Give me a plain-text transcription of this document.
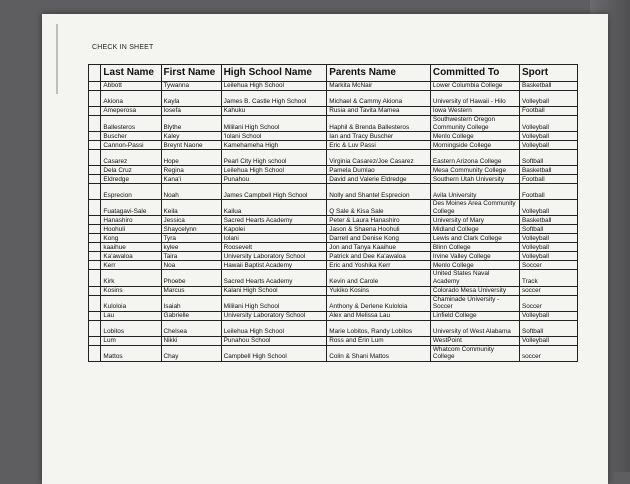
CHECK IN SHEET
	Last Name	First Name	High School Name	Parents Name	Committed To	Sport
	Abbott	Tywanna	Leilehua High School	Markita McNair	Lower Columbia College	Basketball
	Akiona	Kayla	James B. Castle High School	Michael & Cammy Akiona	University of Hawaii - Hilo	Volleyball
	Ameperosa	Iosefa	Kahuku	Rusia and Tavita Mamea	Iowa Western	Football
	Ballesteros	Blythe	Mililani High School	Haphil & Brenda Ballesteros	Southwestern Oregon Community College	Volleyball
	Buscher	Kaley	'Iolani School	Ian and Tracy Buscher	Menlo College	Volleyball
	Cannon-Passi	Breynt Naone	Kamehameha High	Eric & Luv Passi	Morningside College	Volleyball
	Casarez	Hope	Pearl City High school	Virginia Casarez/Joe Casarez	Eastern Arizona College	Softball
	Dela Cruz	Regina	Leilehua High School	Pamela Dumlao	Mesa Community College	Basketball
	Eldredge	Kana'i	Punahou	David and Valerie Eldredge	Southern Utah University	Football
	Esprecion	Noah	James Campbell High School	Nolly and Shantel Esprecion	Avila University	Football
	Fuatagavi-Sale	Keila	Kailua	Q Sale & Kisa Sale	Des Moines Area Community College	Volleyball
	Hanashiro	Jessica	Sacred Hearts Academy	Peter & Laura Hanashiro	University of Mary	Basketball
	Hoohuli	Shaycelynn	Kapolei	Jason & Shaena Hoohuli	Midland College	Softball
	Kong	Tyra	Iolani	Darrell and Denise Kong	Lewis and Clark College	Volleyball
	kaaihue	kylee	Roosevelt	Jon and Tanya Kaaihue	Blinn College	Volleyball
	Ka'awaloa	Taira	University Laboratory School	Patrick and Dee Ka'awaloa	Irvine Valley College	Volleyball
	Kerr	Noa	Hawaii Baptist Academy	Eric and Yoshika Kerr	Menlo College	Soccer
	Kirk	Phoebe	Sacred Hearts Academy	Kevin and Carole	United States Naval Academy	Track
	Kosins	Marcus	Kalani High School	Yukiko Kosins	Colorado Mesa University	soccer
	Kuloloia	Isaiah	Mililani High School	Anthony & Derlene Kuloloia	Chaminade University - Soccer	Soccer
	Lau	Gabrielle	University Laboratory School	Alex and Melissa Lau	Linfield College	Volleyball
	Lobitos	Chelsea	Leilehua High School	Marie Lobitos, Randy Lobitos	University of West Alabama	Softball
	Lum	Nikki	Punahou School	Ross and Erin Lum	WestPoint	Volleyball
	Mattos	Chay	Campbell High School	Colin & Shani Mattos	Whatcom Community College	soccer
